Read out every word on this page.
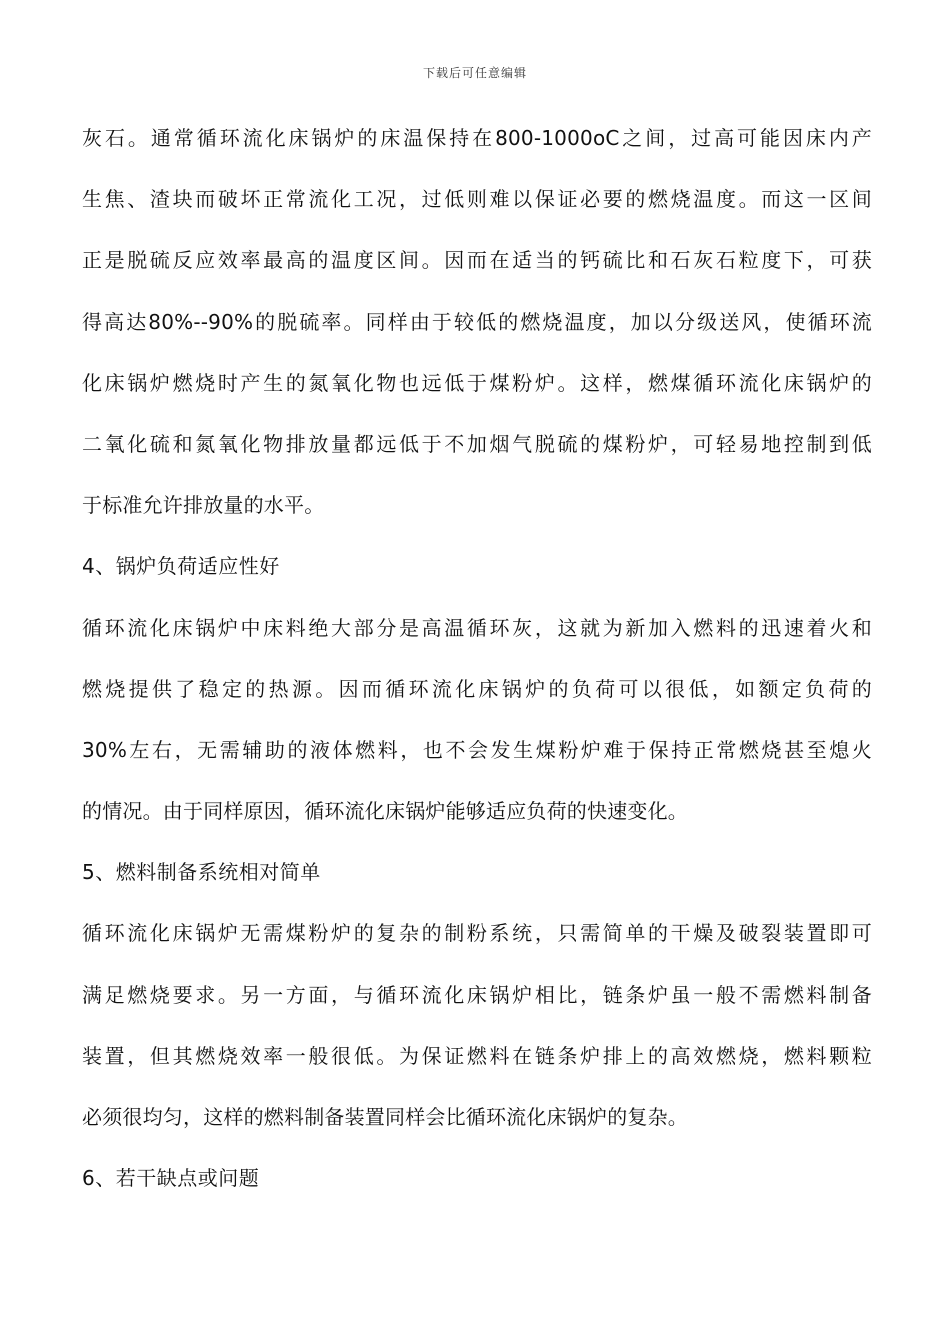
下载后可任意编辑
灰石。通常循环流化床锅炉的床温保持在800-1000oC之间，过高可能因床内产
生焦、渣块而破坏正常流化工况，过低则难以保证必要的燃烧温度。而这一区间
正是脱硫反应效率最高的温度区间。因而在适当的钙硫比和石灰石粒度下，可获
得高达80%--90%的脱硫率。同样由于较低的燃烧温度，加以分级送风，使循环流
化床锅炉燃烧时产生的氮氧化物也远低于煤粉炉。这样，燃煤循环流化床锅炉的
二氧化硫和氮氧化物排放量都远低于不加烟气脱硫的煤粉炉，可轻易地控制到低
于标准允许排放量的水平。
4、锅炉负荷适应性好
循环流化床锅炉中床料绝大部分是高温循环灰，这就为新加入燃料的迅速着火和
燃烧提供了稳定的热源。因而循环流化床锅炉的负荷可以很低，如额定负荷的
30%左右，无需辅助的液体燃料，也不会发生煤粉炉难于保持正常燃烧甚至熄火
的情况。由于同样原因，循环流化床锅炉能够适应负荷的快速变化。
5、燃料制备系统相对简单
循环流化床锅炉无需煤粉炉的复杂的制粉系统，只需简单的干燥及破裂装置即可
满足燃烧要求。另一方面，与循环流化床锅炉相比，链条炉虽一般不需燃料制备
装置，但其燃烧效率一般很低。为保证燃料在链条炉排上的高效燃烧，燃料颗粒
必须很均匀，这样的燃料制备装置同样会比循环流化床锅炉的复杂。
6、若干缺点或问题
